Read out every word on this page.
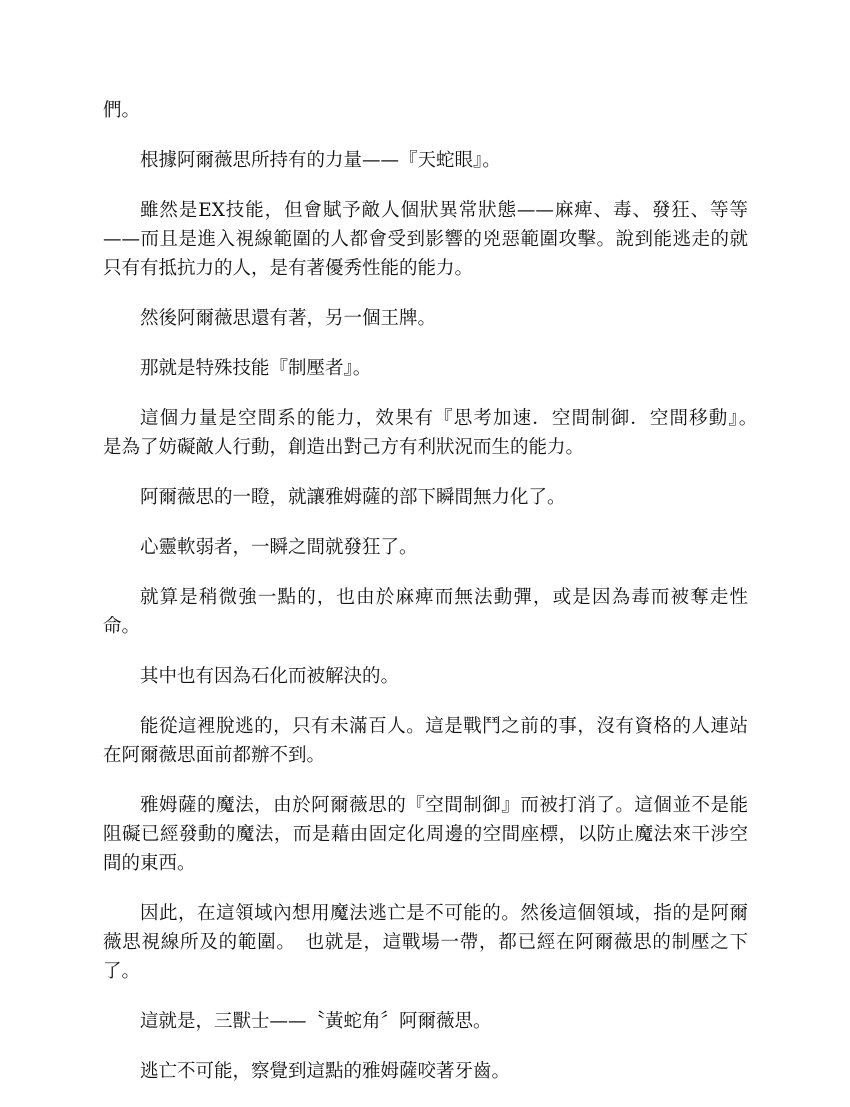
們。

根據阿爾薇思所持有的力量——『天蛇眼』。

雖然是EX技能，但會賦予敵人個狀異常狀態——麻痺、毒、發狂、等等——而且是進入視線範圍的人都會受到影響的兇惡範圍攻擊。說到能逃走的就只有有抵抗力的人，是有著優秀性能的能力。

然後阿爾薇思還有著，另一個王牌。

那就是特殊技能『制壓者』。

這個力量是空間系的能力，效果有『思考加速．空間制御．空間移動』。　是為了妨礙敵人行動，創造出對己方有利狀況而生的能力。

阿爾薇思的一瞪，就讓雅姆薩的部下瞬間無力化了。

心靈軟弱者，一瞬之間就發狂了。

就算是稍微強一點的，也由於麻痺而無法動彈，或是因為毒而被奪走性命。

其中也有因為石化而被解決的。

能從這裡脫逃的，只有未滿百人。這是戰鬥之前的事，沒有資格的人連站在阿爾薇思面前都辦不到。

雅姆薩的魔法，由於阿爾薇思的『空間制御』而被打消了。這個並不是能阻礙已經發動的魔法，而是藉由固定化周邊的空間座標，以防止魔法來干涉空間的東西。

因此，在這領域內想用魔法逃亡是不可能的。然後這個領域，指的是阿爾薇思視線所及的範圍。　也就是，這戰場一帶，都已經在阿爾薇思的制壓之下了。

這就是，三獸士——〝黃蛇角〞阿爾薇思。

逃亡不可能，察覺到這點的雅姆薩咬著牙齒。
